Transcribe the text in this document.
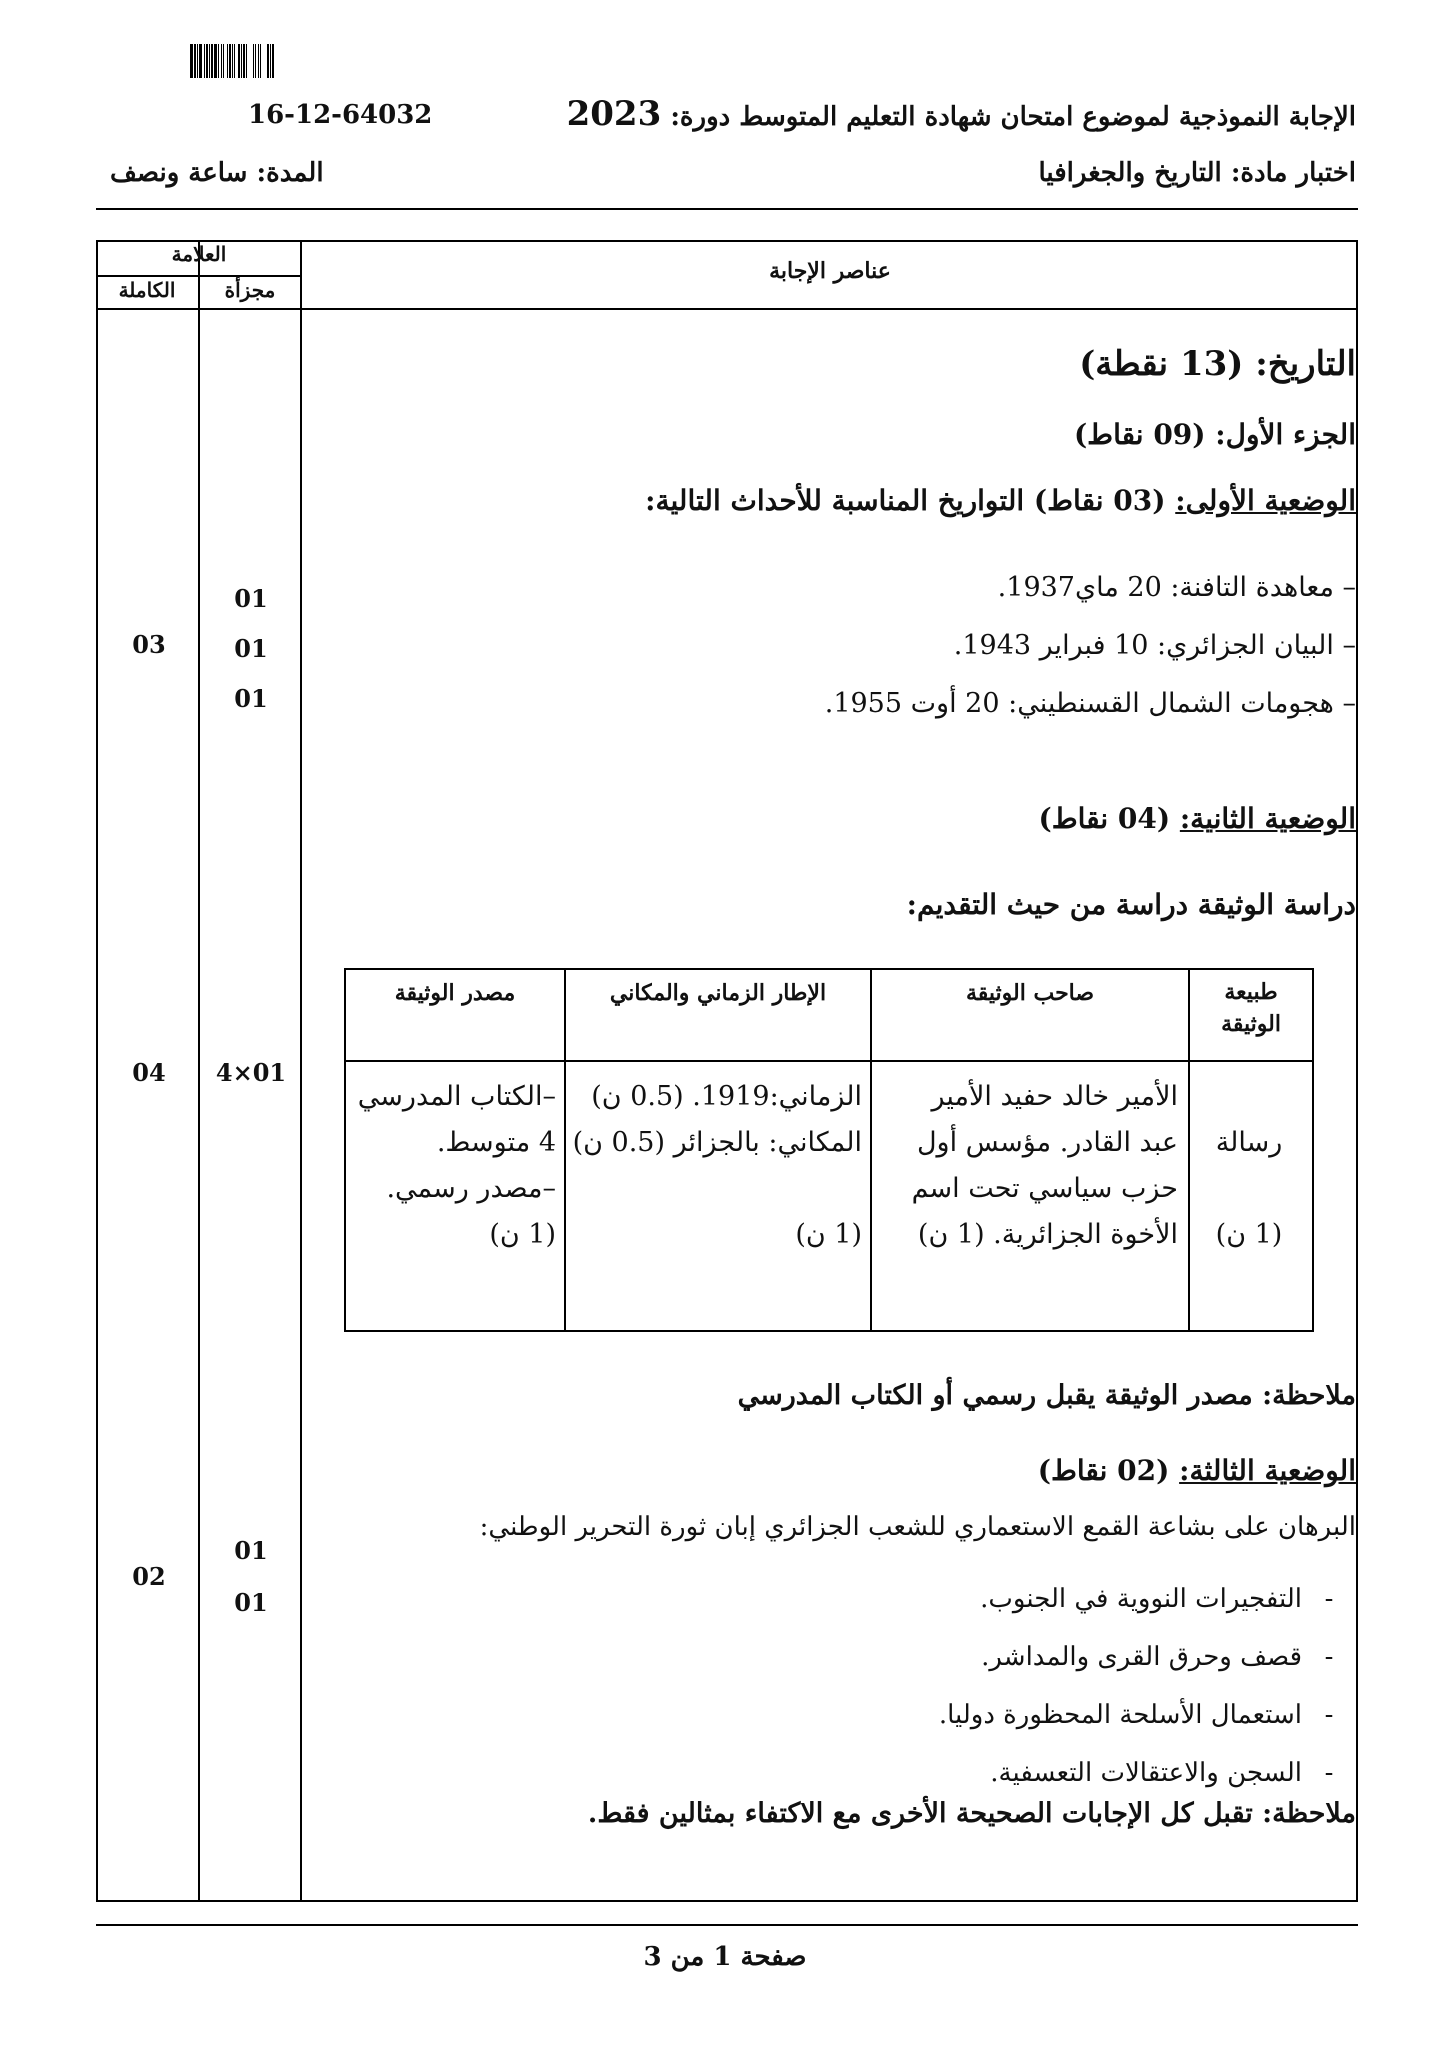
16-12-64032	الإجابة النموذجية لموضوع امتحان شهادة التعليم المتوسط دورة: 2023
اختبار مادة: التاريخ والجغرافيا
المدة: ساعة ونصف
العلامة
مجزأة
الكاملة
عناصر الإجابة
التاريخ: (13 نقطة)
الجزء الأول: (09 نقاط)
الوضعية الأولى: (03 نقاط) التواريخ المناسبة للأحداث التالية:
– معاهدة التافنة: 20 ماي1937.
– البيان الجزائري: 10 فبراير 1943.
– هجومات الشمال القسنطيني: 20 أوت 1955.
01
01
01
03
الوضعية الثانية: (04 نقاط)
دراسة الوثيقة دراسة من حيث التقديم:
4×01
04
طبيعة
الوثيقة
صاحب الوثيقة
الإطار الزماني والمكاني
مصدر الوثيقة
رسالة
(1 ن)
الأمير خالد حفيد الأمير
عبد القادر. مؤسس أول
حزب سياسي تحت اسم
الأخوة الجزائرية. (1 ن)
الزماني:1919. (0.5 ن)
المكاني: بالجزائر (0.5 ن)
(1 ن)
–الكتاب المدرسي
4 متوسط.
–مصدر رسمي.
(1 ن)
ملاحظة: مصدر الوثيقة يقبل رسمي أو الكتاب المدرسي
الوضعية الثالثة: (02 نقاط)
البرهان على بشاعة القمع الاستعماري للشعب الجزائري إبان ثورة التحرير الوطني:
-التفجيرات النووية في الجنوب.
-قصف وحرق القرى والمداشر.
-استعمال الأسلحة المحظورة دوليا.
-السجن والاعتقالات التعسفية.
01
01
02
ملاحظة: تقبل كل الإجابات الصحيحة الأخرى مع الاكتفاء بمثالين فقط.
صفحة 1 من 3
